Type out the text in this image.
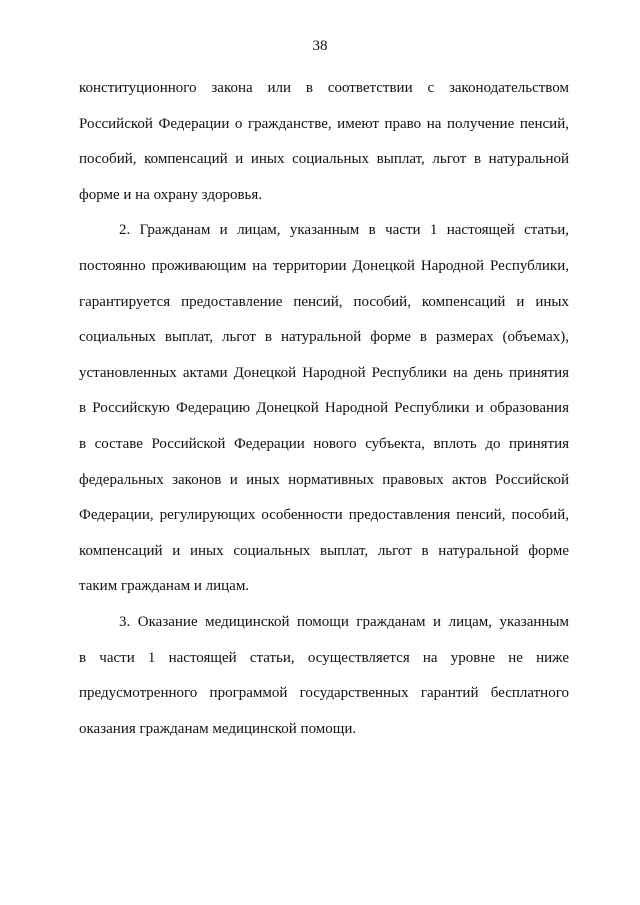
38
конституционного закона или в соответствии с законодательством
Российской Федерации о гражданстве, имеют право на получение пенсий,
пособий, компенсаций и иных социальных выплат, льгот в натуральной
форме и на охрану здоровья.
2. Гражданам и лицам, указанным в части 1 настоящей статьи,
постоянно проживающим на территории Донецкой Народной Республики,
гарантируется предоставление пенсий, пособий, компенсаций и иных
социальных выплат, льгот в натуральной форме в размерах (объемах),
установленных актами Донецкой Народной Республики на день принятия
в Российскую Федерацию Донецкой Народной Республики и образования
в составе Российской Федерации нового субъекта, вплоть до принятия
федеральных законов и иных нормативных правовых актов Российской
Федерации, регулирующих особенности предоставления пенсий, пособий,
компенсаций и иных социальных выплат, льгот в натуральной форме
таким гражданам и лицам.
3. Оказание медицинской помощи гражданам и лицам, указанным
в части 1 настоящей статьи, осуществляется на уровне не ниже
предусмотренного программой государственных гарантий бесплатного
оказания гражданам медицинской помощи.
